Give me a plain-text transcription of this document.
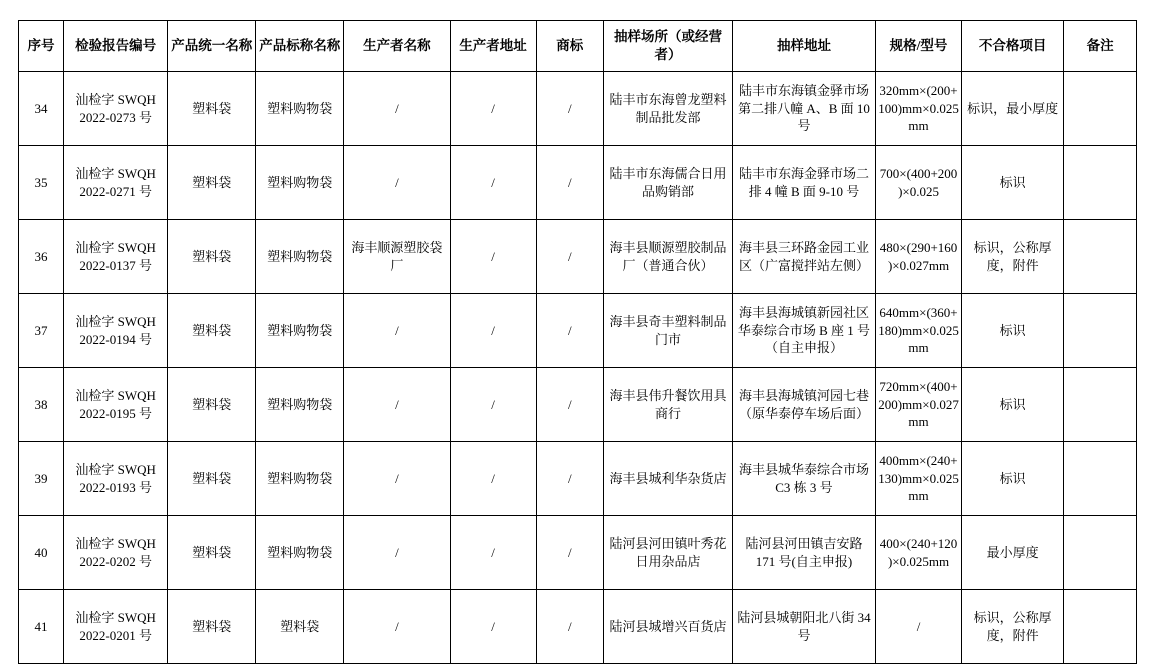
序号	检验报告编号	产品统一名称	产品标称名称	生产者名称	生产者地址	商标	抽样场所（或经营者）	抽样地址	规格/型号	不合格项目	备注
34	汕检字 SWQH 2022-0273 号	塑料袋	塑料购物袋	/	/	/	陆丰市东海曾龙塑料制品批发部	陆丰市东海镇金驿市场第二排八幢 A、B 面 10 号	320mm×(200+100)mm×0.025mm	标识，最小厚度	
35	汕检字 SWQH 2022-0271 号	塑料袋	塑料购物袋	/	/	/	陆丰市东海儒合日用品购销部	陆丰市东海金驿市场二排 4 幢 B 面 9-10 号	700×(400+200)×0.025	标识	
36	汕检字 SWQH 2022-0137 号	塑料袋	塑料购物袋	海丰顺源塑胶袋厂	/	/	海丰县顺源塑胶制品厂（普通合伙）	海丰县三环路金园工业区（广富搅拌站左侧）	480×(290+160)×0.027mm	标识，公称厚度，附件	
37	汕检字 SWQH 2022-0194 号	塑料袋	塑料购物袋	/	/	/	海丰县奇丰塑料制品门市	海丰县海城镇新园社区华泰综合市场 B 座 1 号（自主申报）	640mm×(360+180)mm×0.025mm	标识	
38	汕检字 SWQH 2022-0195 号	塑料袋	塑料购物袋	/	/	/	海丰县伟升餐饮用具商行	海丰县海城镇河园七巷（原华泰停车场后面）	720mm×(400+200)mm×0.027mm	标识	
39	汕检字 SWQH 2022-0193 号	塑料袋	塑料购物袋	/	/	/	海丰县城利华杂货店	海丰县城华泰综合市场 C3 栋 3 号	400mm×(240+130)mm×0.025mm	标识	
40	汕检字 SWQH 2022-0202 号	塑料袋	塑料购物袋	/	/	/	陆河县河田镇叶秀花日用杂品店	陆河县河田镇吉安路 171 号(自主申报)	400×(240+120)×0.025mm	最小厚度	
41	汕检字 SWQH 2022-0201 号	塑料袋	塑料袋	/	/	/	陆河县城增兴百货店	陆河县城朝阳北八街 34 号	/	标识，公称厚度，附件	
